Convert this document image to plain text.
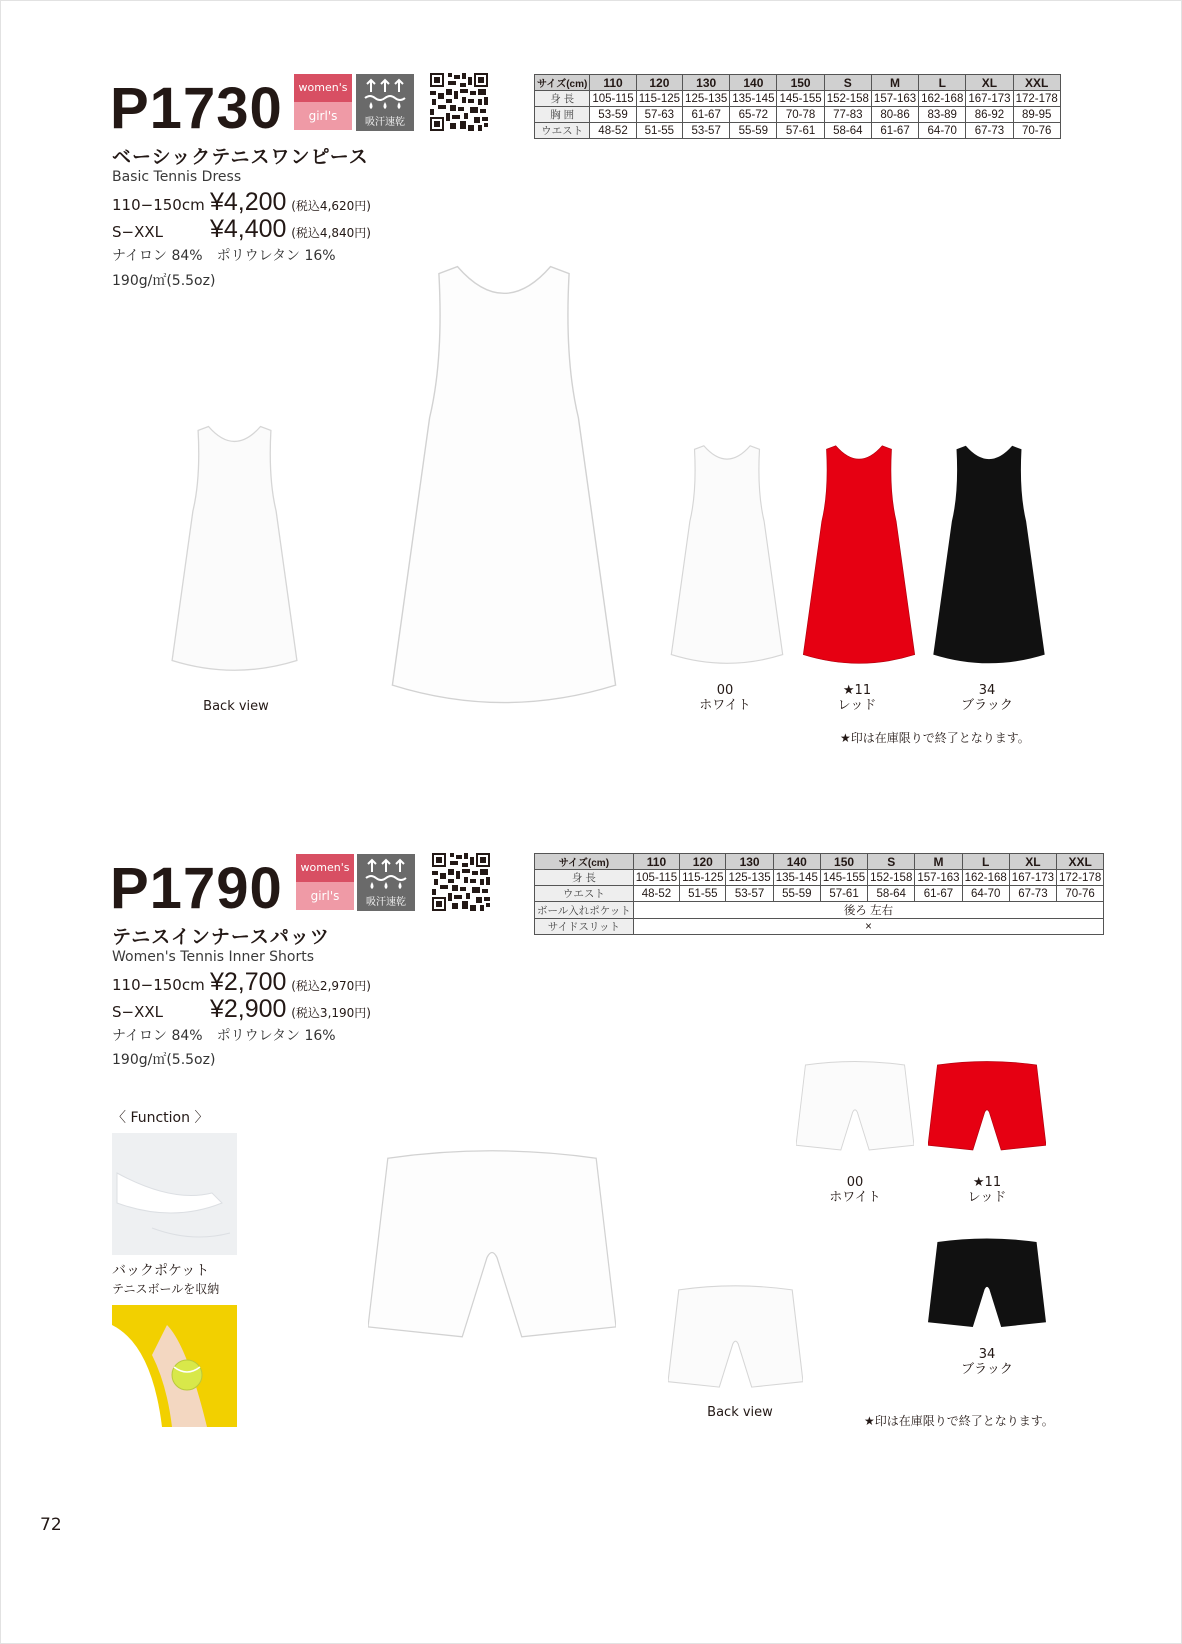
P1730	women's
girl's	吸汗速乾
ベーシックテニスワンピース
Basic Tennis Dress
110−150cm ¥4,200 (税込4,620円)
S−XXL ¥4,400 (税込4,840円)
ナイロン 84%　ポリウレタン 16%
190g/㎡(5.5oz)
サイズ(cm)	110	120	130	140	150	S	M	L	XL	XXL
身 長	105-115	115-125	125-135	135-145	145-155	152-158	157-163	162-168	167-173	172-178
胸 囲	53-59	57-63	61-67	65-72	70-78	77-83	80-86	83-89	86-92	89-95
ウエスト	48-52	51-55	53-57	55-59	57-61	58-64	61-67	64-70	67-73	70-76
Back view
00
ホワイト
★11
レッド
34
ブラック
★印は在庫限りで終了となります。
P1790	women's
girl's	吸汗速乾
テニスインナースパッツ
Women's Tennis Inner Shorts
110−150cm ¥2,700 (税込2,970円)
S−XXL ¥2,900 (税込3,190円)
ナイロン 84%　ポリウレタン 16%
190g/㎡(5.5oz)
サイズ(cm)	110	120	130	140	150	S	M	L	XL	XXL
身 長	105-115	115-125	125-135	135-145	145-155	152-158	157-163	162-168	167-173	172-178
ウエスト	48-52	51-55	53-57	55-59	57-61	58-64	61-67	64-70	67-73	70-76
ボール入れポケット	後ろ 左右									
サイドスリット	×									
〈 Function 〉
バックポケット
テニスボールを収納
Back view
00
ホワイト
★11
レッド
34
ブラック
★印は在庫限りで終了となります。
72
